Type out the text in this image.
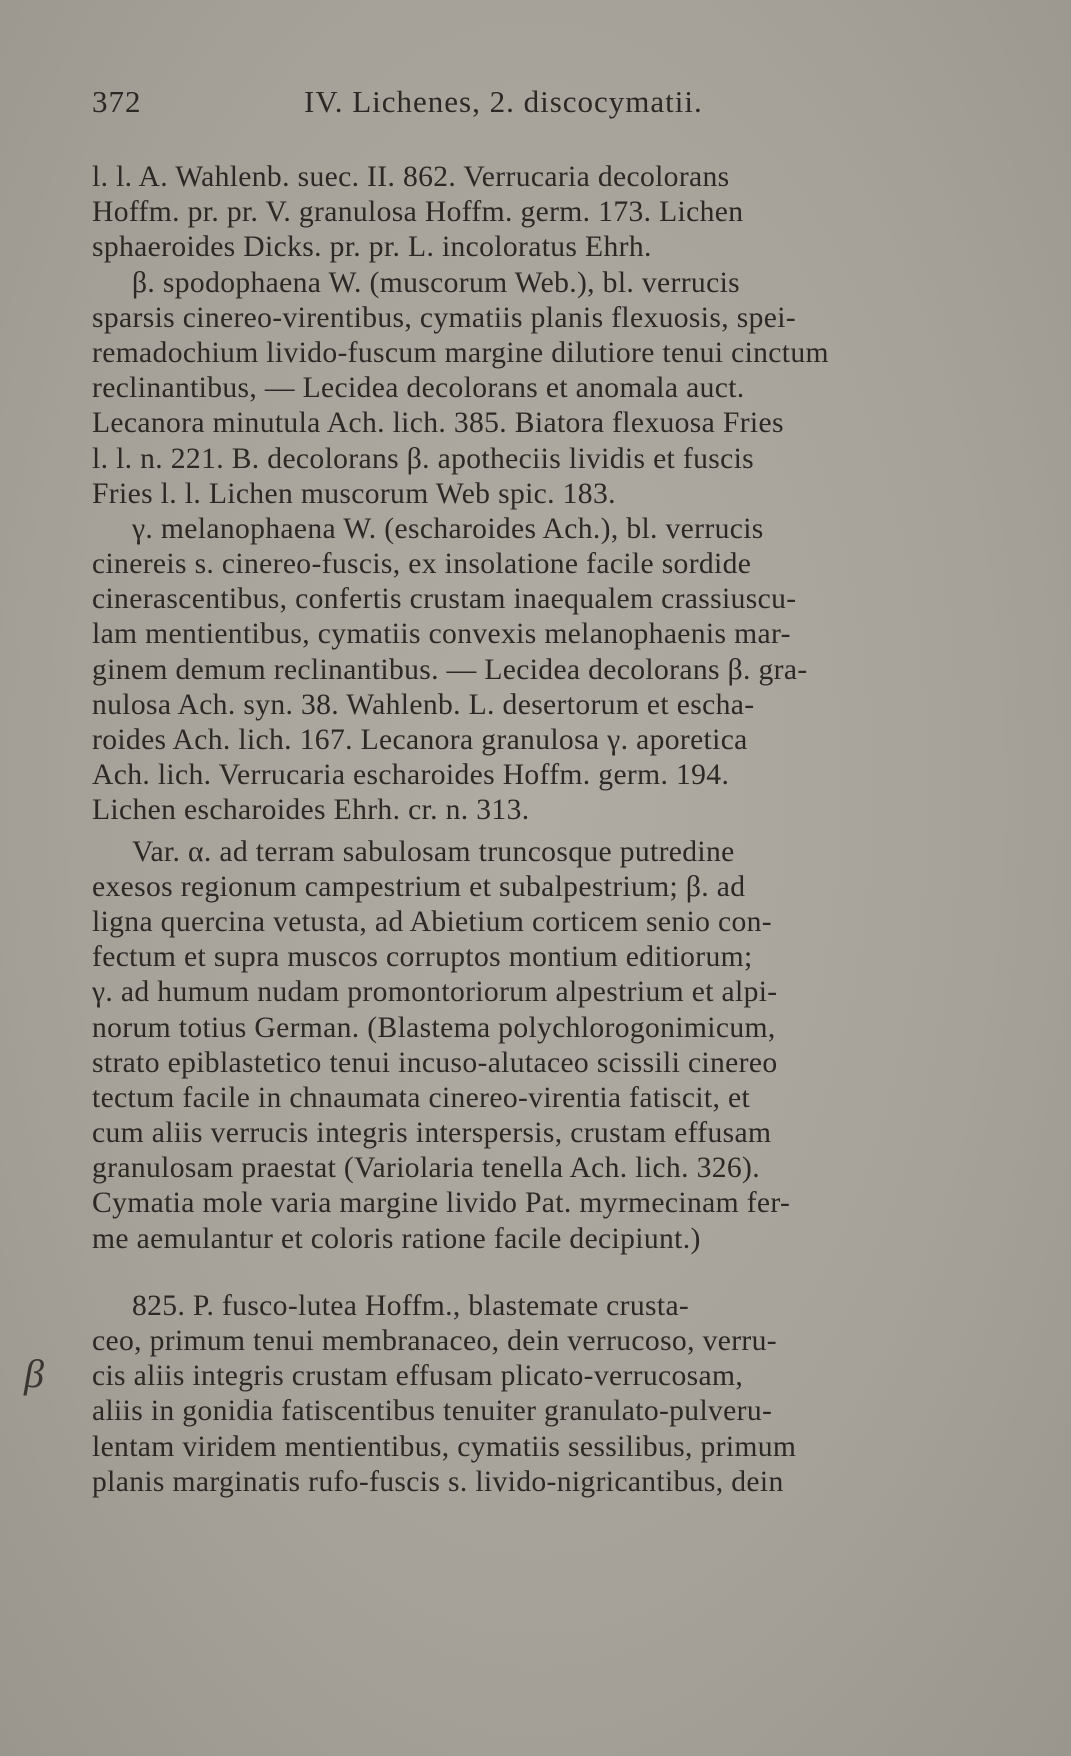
372	IV. Lichenes, 2. discocymatii.
β
l. l. A. Wahlenb. suec. II. 862. Verrucaria decolorans
Hoffm. pr. pr. V. granulosa Hoffm. germ. 173. Lichen
sphaeroides Dicks. pr. pr. L. incoloratus Ehrh.
β. spodophaena W. (muscorum Web.), bl. verrucis
sparsis cinereo-virentibus, cymatiis planis flexuosis, spei-
remadochium livido-fuscum margine dilutiore tenui cinctum
reclinantibus, — Lecidea decolorans et anomala auct.
Lecanora minutula Ach. lich. 385. Biatora flexuosa Fries
l. l. n. 221. B. decolorans β. apotheciis lividis et fuscis
Fries l. l. Lichen muscorum Web spic. 183.
γ. melanophaena W. (escharoides Ach.), bl. verrucis
cinereis s. cinereo-fuscis, ex insolatione facile sordide
cinerascentibus, confertis crustam inaequalem crassiuscu-
lam mentientibus, cymatiis convexis melanophaenis mar-
ginem demum reclinantibus. — Lecidea decolorans β. gra-
nulosa Ach. syn. 38. Wahlenb. L. desertorum et escha-
roides Ach. lich. 167. Lecanora granulosa γ. aporetica
Ach. lich. Verrucaria escharoides Hoffm. germ. 194.
Lichen escharoides Ehrh. cr. n. 313.
Var. α. ad terram sabulosam truncosque putredine
exesos regionum campestrium et subalpestrium; β. ad
ligna quercina vetusta, ad Abietium corticem senio con-
fectum et supra muscos corruptos montium editiorum;
γ. ad humum nudam promontoriorum alpestrium et alpi-
norum totius German. (Blastema polychlorogonimicum,
strato epiblastetico tenui incuso-alutaceo scissili cinereo
tectum facile in chnaumata cinereo-virentia fatiscit, et
cum aliis verrucis integris interspersis, crustam effusam
granulosam praestat (Variolaria tenella Ach. lich. 326).
Cymatia mole varia margine livido Pat. myrmecinam fer-
me aemulantur et coloris ratione facile decipiunt.)
825. P. fusco-lutea Hoffm., blastemate crusta-
ceo, primum tenui membranaceo, dein verrucoso, verru-
cis aliis integris crustam effusam plicato-verrucosam,
aliis in gonidia fatiscentibus tenuiter granulato-pulveru-
lentam viridem mentientibus, cymatiis sessilibus, primum
planis marginatis rufo-fuscis s. livido-nigricantibus, dein
